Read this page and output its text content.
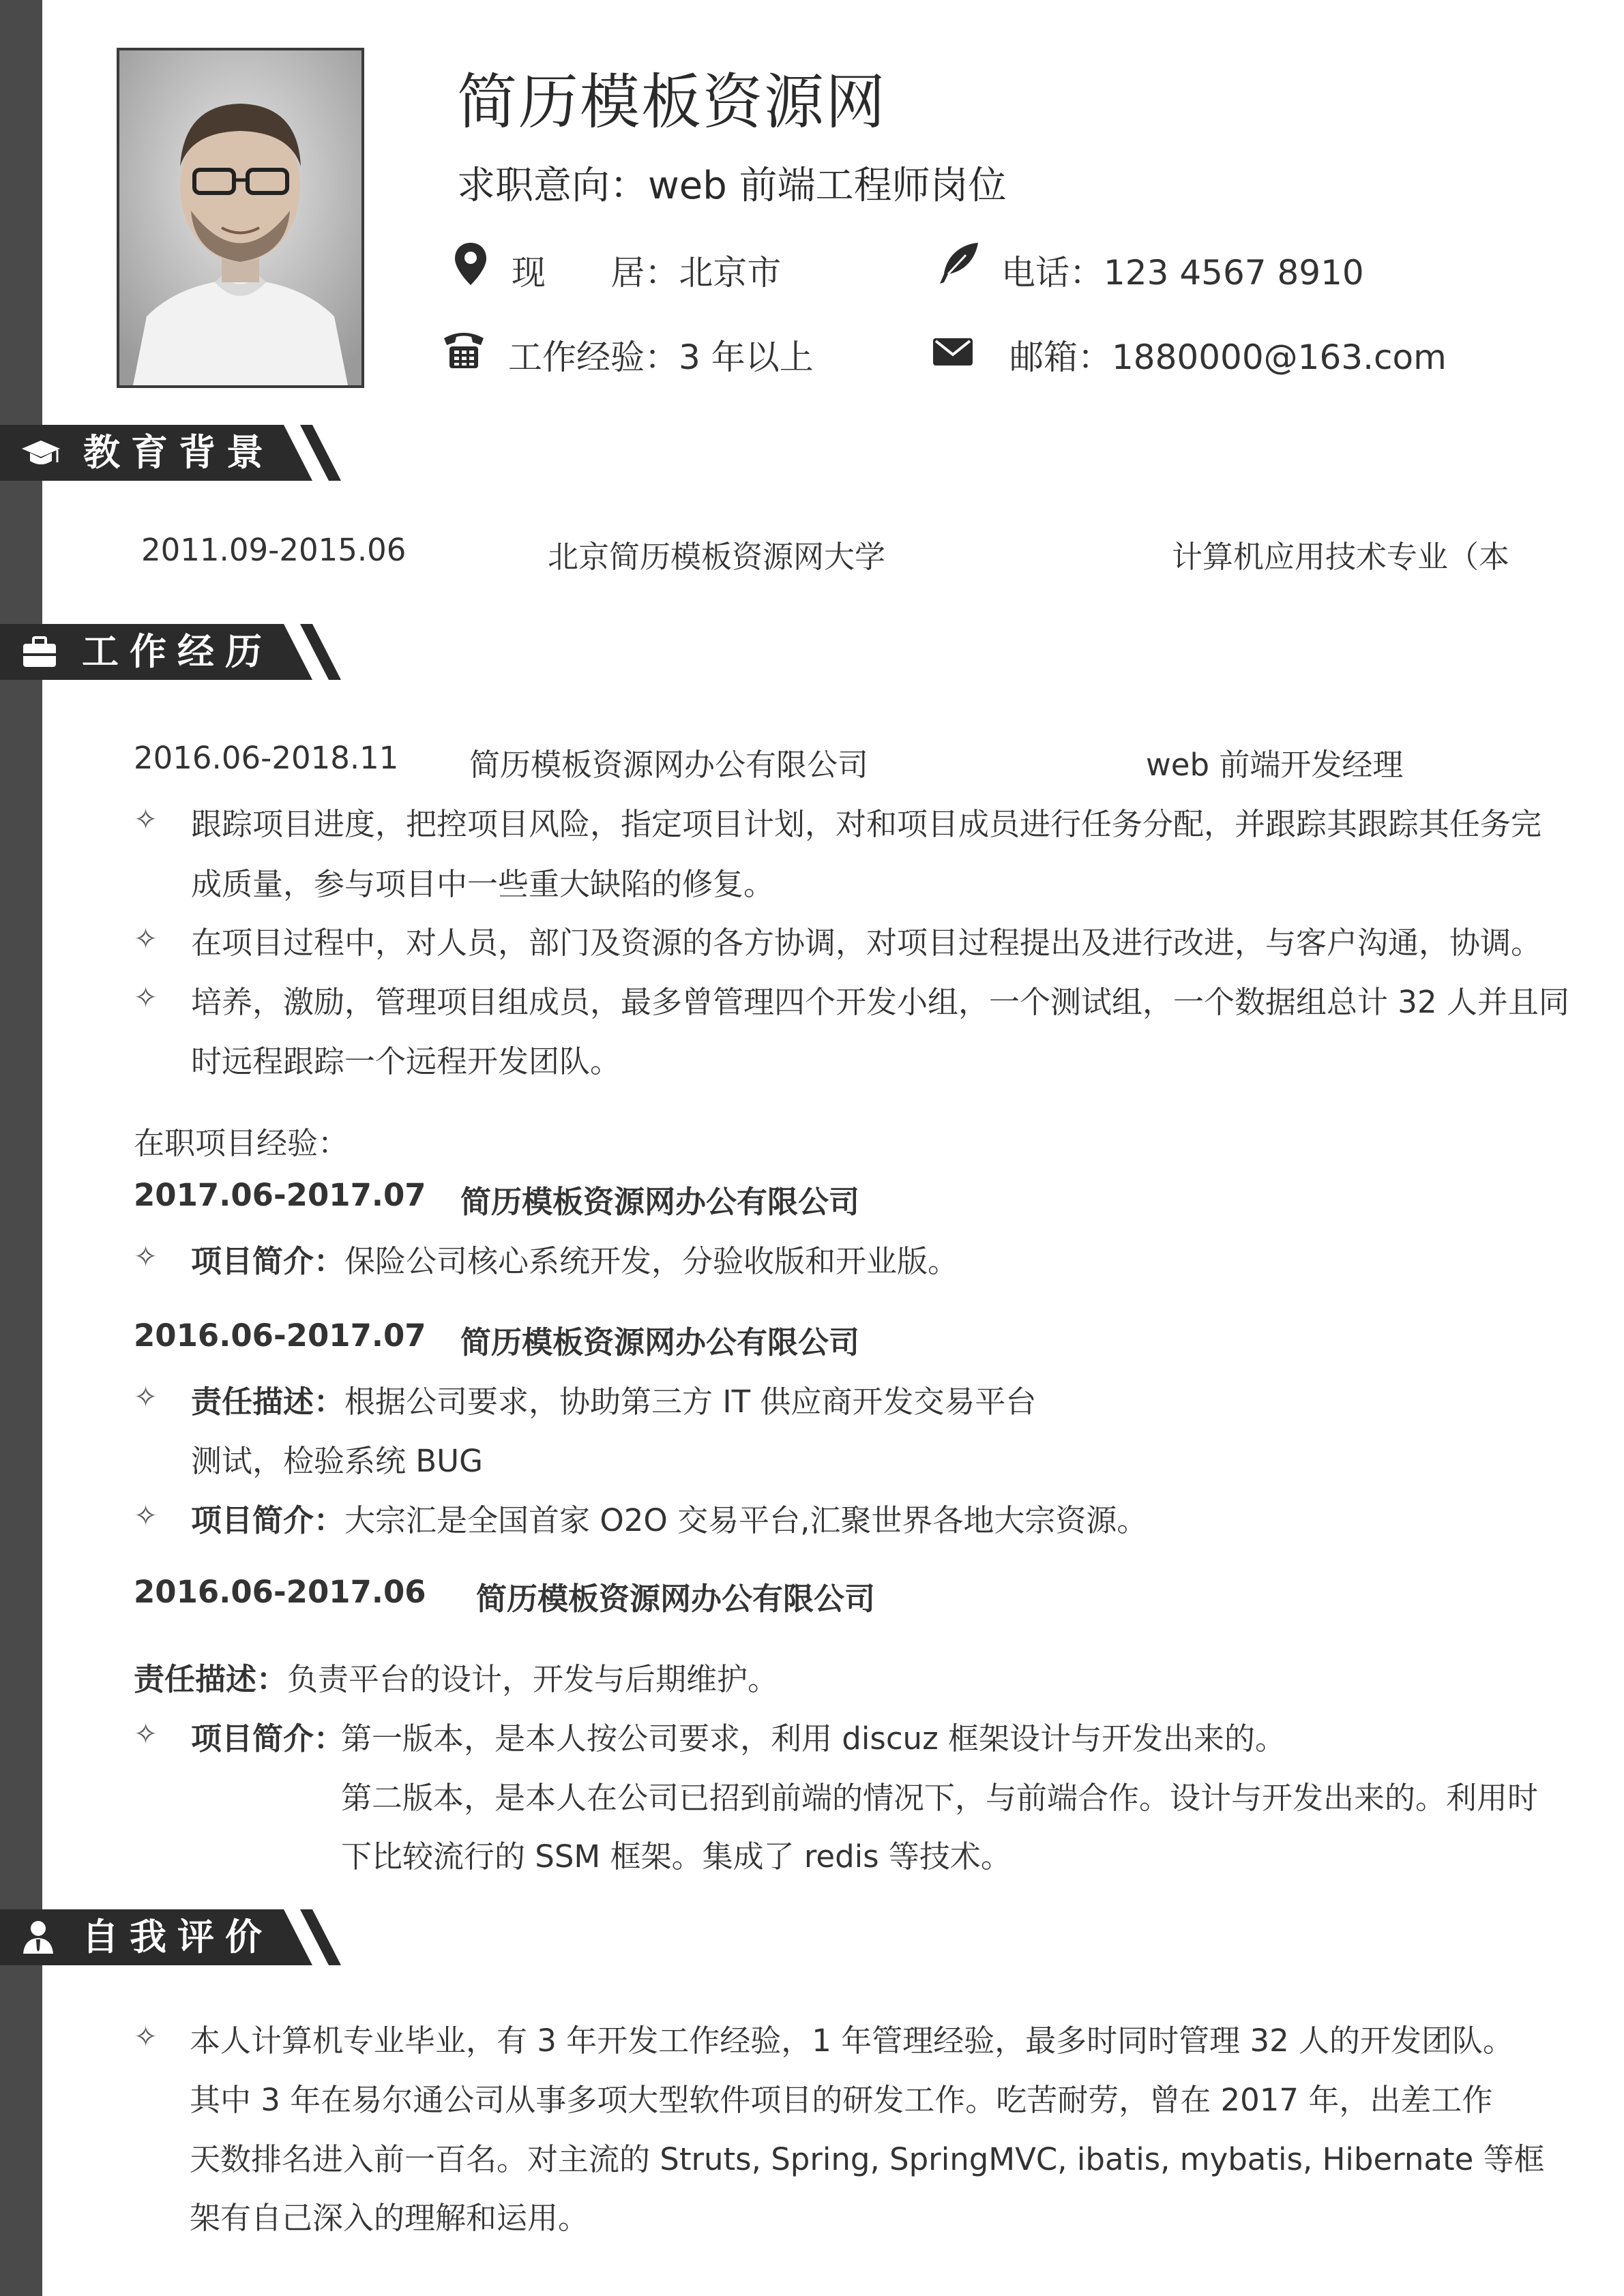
简历模板资源网
求职意向：web 前端工程师岗位
现      居：北京市	电话：123 4567 8910
工作经验：3 年以上	邮箱：1880000@163.com
教育背景
2011.09-2015.06	北京简历模板资源网大学	计算机应用技术专业（本
工作经历
2016.06-2018.11 简历模板资源网办公有限公司	web 前端开发经理
✧ 跟踪项目进度，把控项目风险，指定项目计划，对和项目成员进行任务分配，并跟踪其跟踪其任务完
成质量，参与项目中一些重大缺陷的修复。
✧ 在项目过程中，对人员，部门及资源的各方协调，对项目过程提出及进行改进，与客户沟通，协调。
✧ 培养，激励，管理项目组成员，最多曾管理四个开发小组，一个测试组，一个数据组总计 32 人并且同
时远程跟踪一个远程开发团队。
在职项目经验：
2017.06-2017.07 简历模板资源网办公有限公司
✧ 项目简介：保险公司核心系统开发，分验收版和开业版。
2016.06-2017.07 简历模板资源网办公有限公司
✧ 责任描述：根据公司要求，协助第三方 IT 供应商开发交易平台
测试，检验系统 BUG
✧ 项目简介：大宗汇是全国首家 O2O 交易平台,汇聚世界各地大宗资源。
2016.06-2017.06 简历模板资源网办公有限公司
责任描述：负责平台的设计，开发与后期维护。
✧ 项目简介：
第一版本，是本人按公司要求，利用 discuz 框架设计与开发出来的。
第二版本，是本人在公司已招到前端的情况下，与前端合作。设计与开发出来的。利用时
下比较流行的 SSM 框架。集成了 redis 等技术。
自我评价
✧ 本人计算机专业毕业，有 3 年开发工作经验，1 年管理经验，最多时同时管理 32 人的开发团队。
其中 3 年在易尔通公司从事多项大型软件项目的研发工作。吃苦耐劳，曾在 2017 年，出差工作
天数排名进入前一百名。对主流的 Struts, Spring, SpringMVC, ibatis, mybatis, Hibernate 等框
架有自己深入的理解和运用。
